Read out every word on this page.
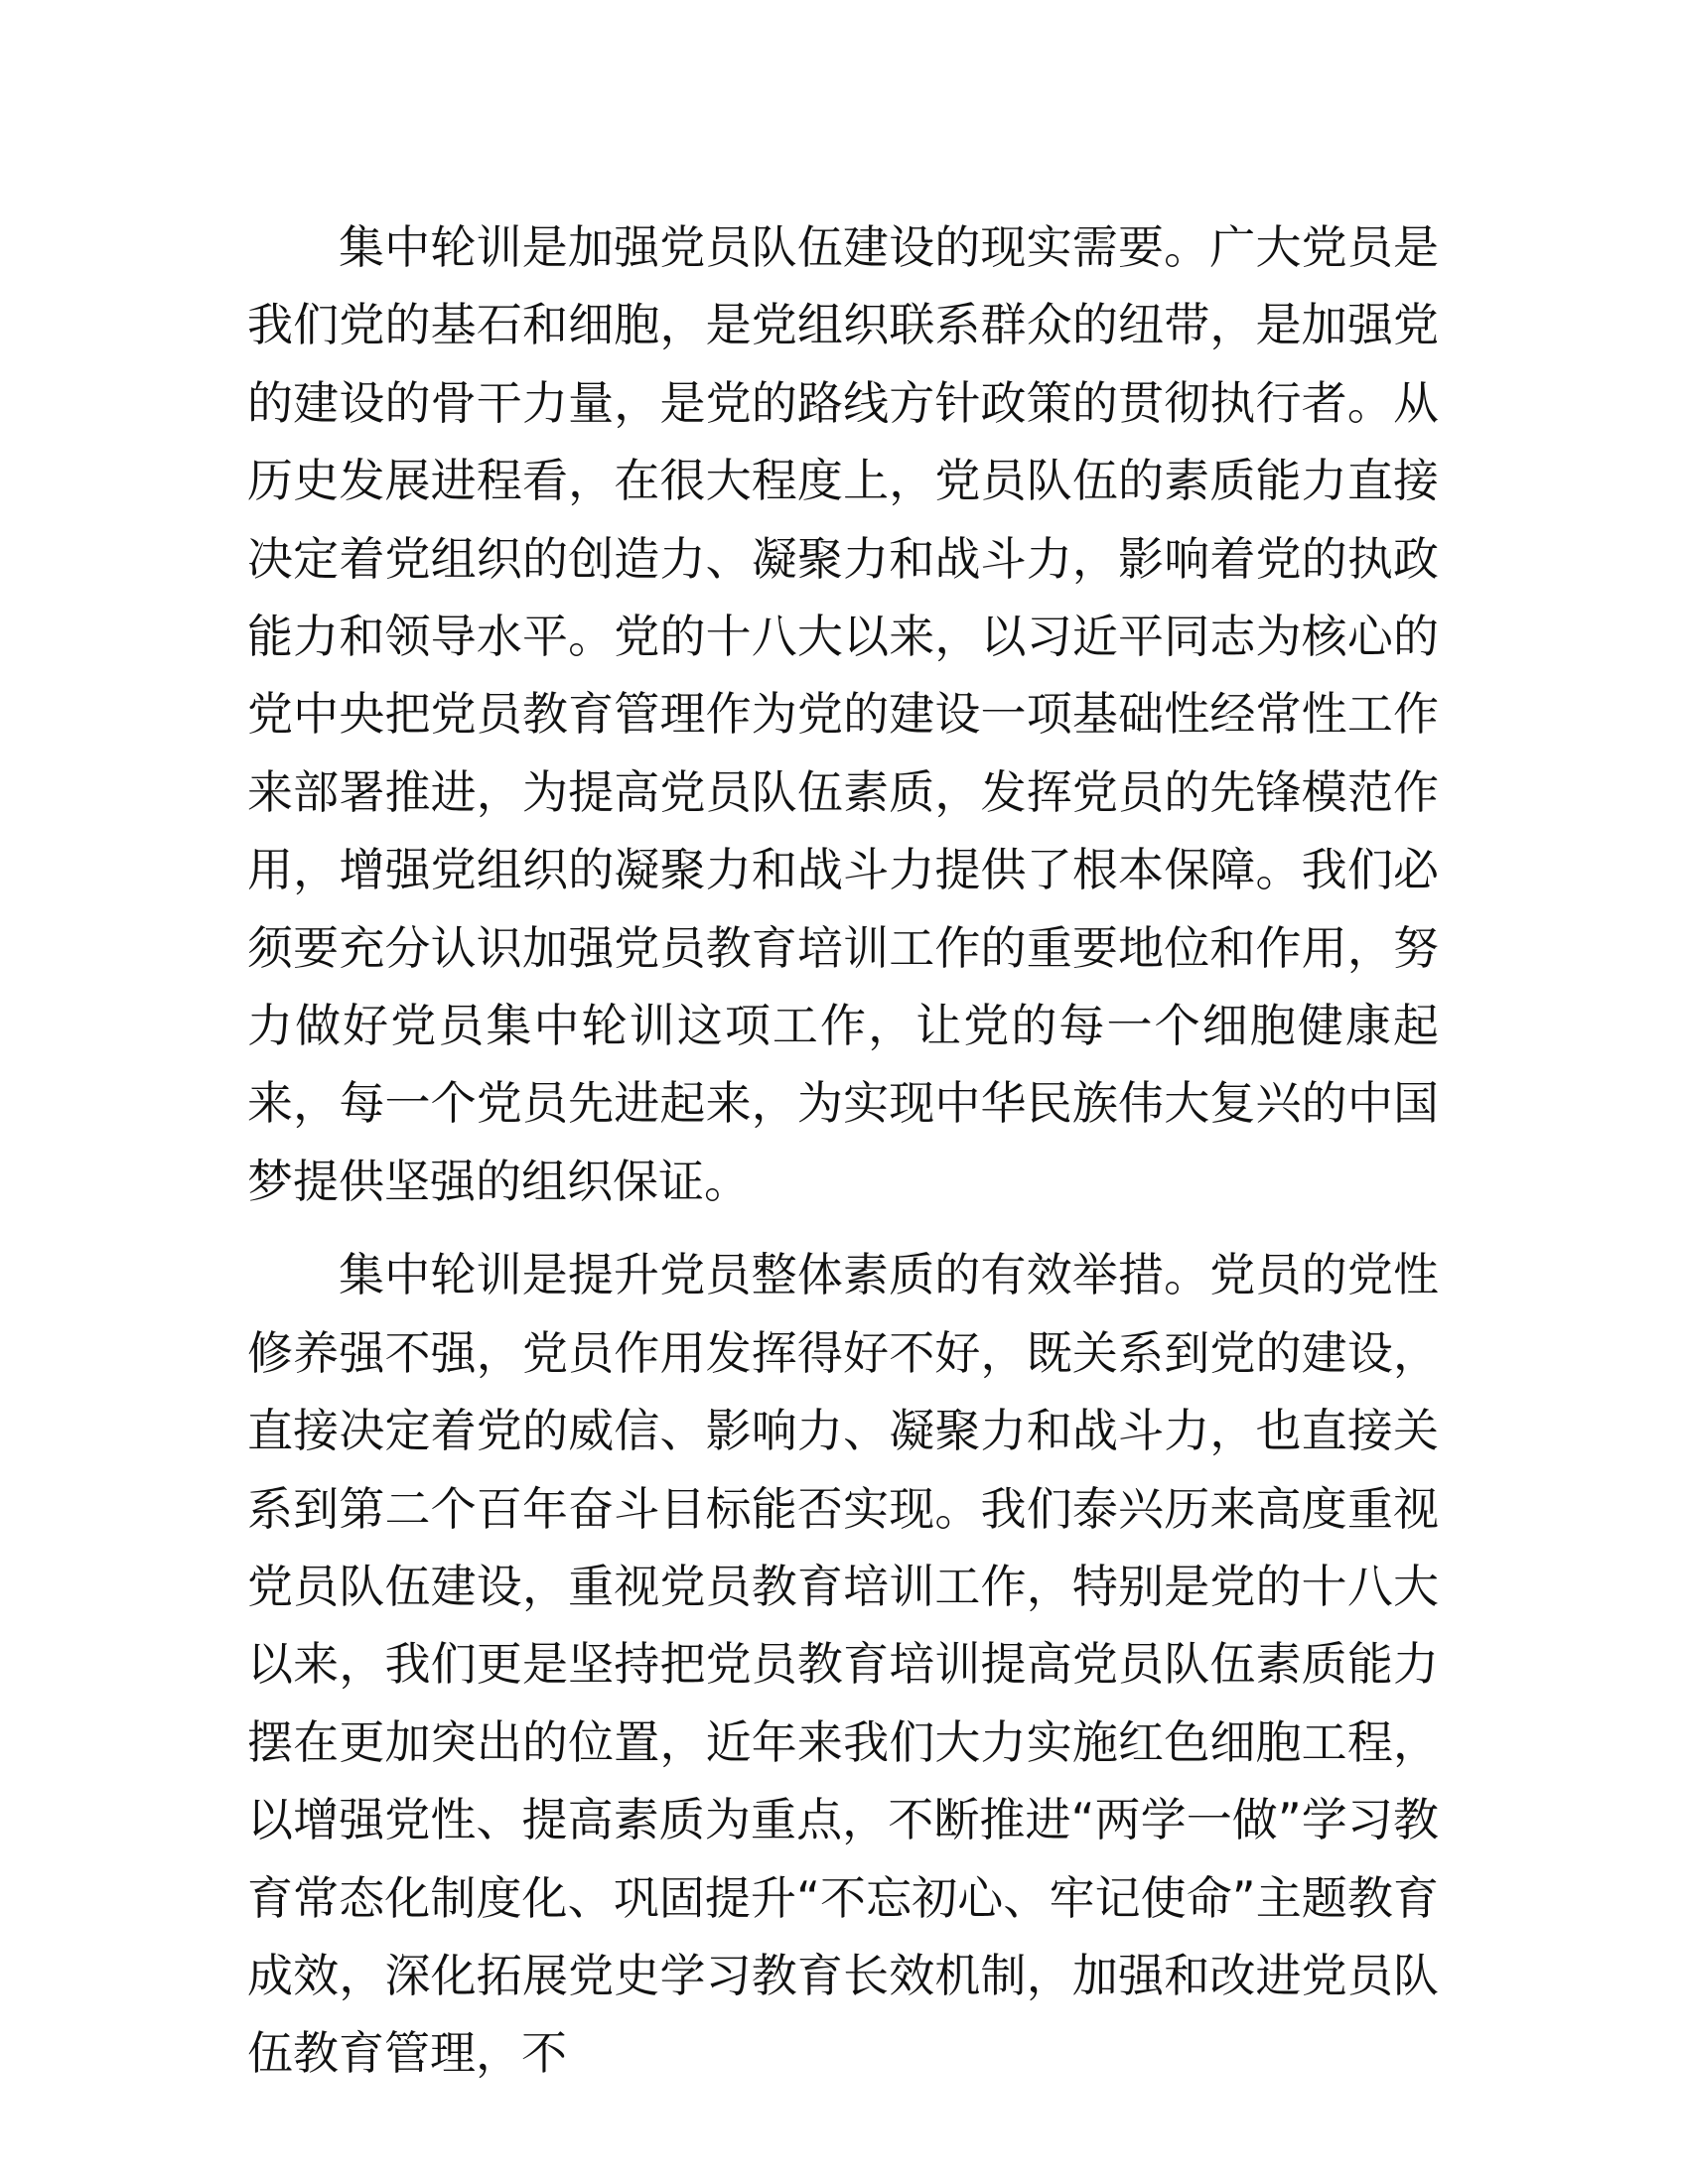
集中轮训是加强党员队伍建设的现实需要。广大党员是我们党的基石和细胞，是党组织联系群众的纽带，是加强党的建设的骨干力量，是党的路线方针政策的贯彻执行者。从历史发展进程看，在很大程度上，党员队伍的素质能力直接决定着党组织的创造力、凝聚力和战斗力，影响着党的执政能力和领导水平。党的十八大以来，以习近平同志为核心的党中央把党员教育管理作为党的建设一项基础性经常性工作来部署推进，为提高党员队伍素质，发挥党员的先锋模范作用，增强党组织的凝聚力和战斗力提供了根本保障。我们必须要充分认识加强党员教育培训工作的重要地位和作用，努力做好党员集中轮训这项工作，让党的每一个细胞健康起来，每一个党员先进起来，为实现中华民族伟大复兴的中国梦提供坚强的组织保证。

集中轮训是提升党员整体素质的有效举措。党员的党性修养强不强，党员作用发挥得好不好，既关系到党的建设，直接决定着党的威信、影响力、凝聚力和战斗力，也直接关系到第二个百年奋斗目标能否实现。我们泰兴历来高度重视党员队伍建设，重视党员教育培训工作，特别是党的十八大以来，我们更是坚持把党员教育培训提高党员队伍素质能力摆在更加突出的位置，近年来我们大力实施红色细胞工程，以增强党性、提高素质为重点，不断推进“两学一做”学习教育常态化制度化、巩固提升“不忘初心、牢记使命”主题教育成效，深化拓展党史学习教育长效机制，加强和改进党员队伍教育管理，不
